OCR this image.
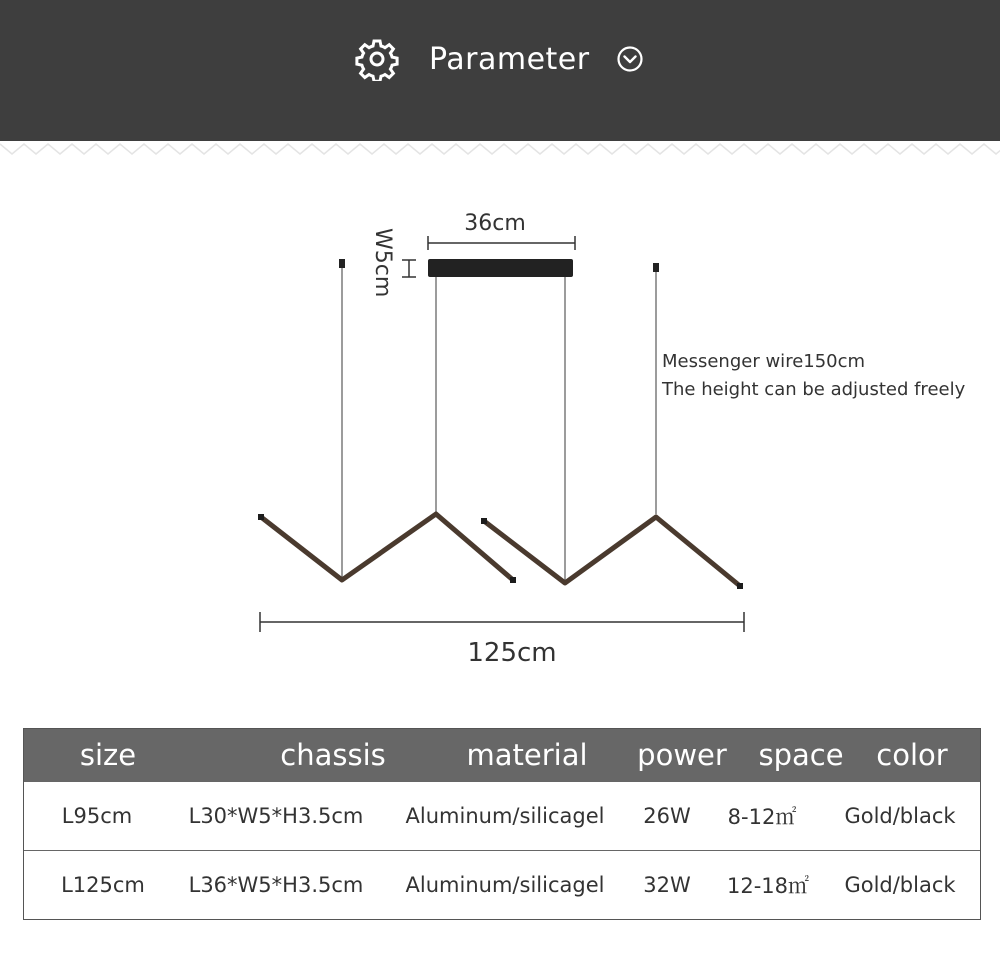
Parameter
36cm
W5cm
125cm
Messenger wire150cm
The height can be adjusted freely
size	chassis	material power space color
L95cm	L30*W5*H3.5cm Aluminum/silicagel 26W 8-12㎡ Gold/black
L125cm L36*W5*H3.5cm Aluminum/silicagel 32W 12-18㎡ Gold/black
